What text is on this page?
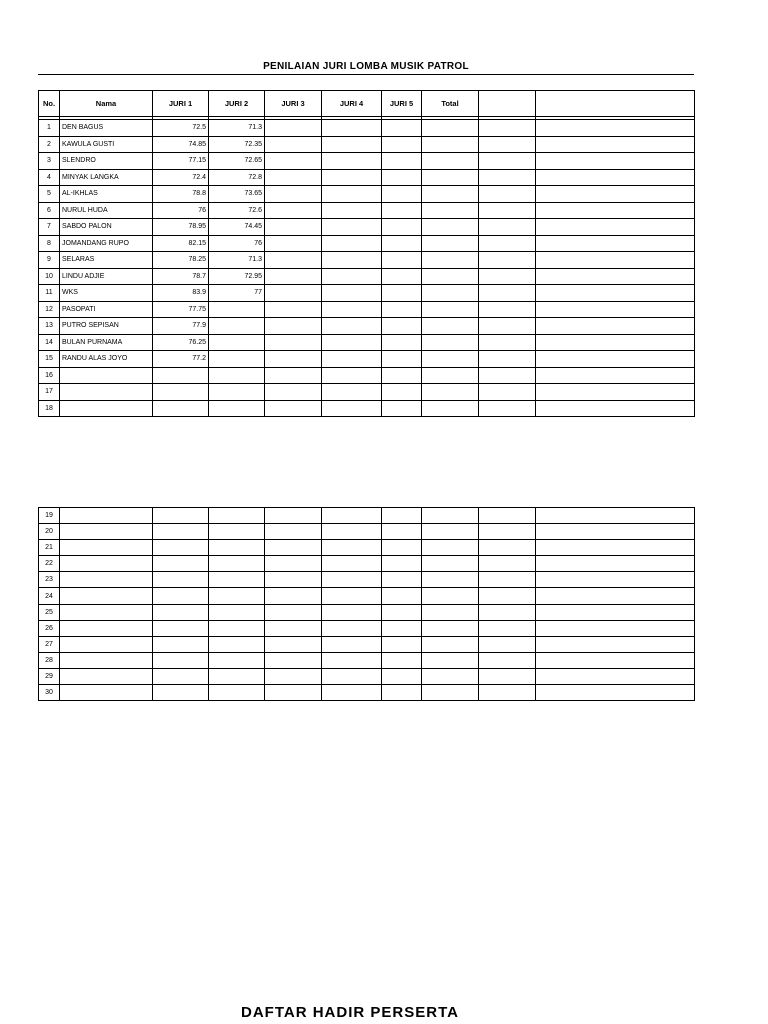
PENILAIAN JURI LOMBA MUSIK PATROL
No.	Nama	JURI 1	JURI 2	JURI 3	JURI 4	JURI 5	Total		

1	DEN BAGUS	72.5	71.3						
2	KAWULA GUSTI	74.85	72.35						
3	SLENDRO	77.15	72.65						
4	MINYAK LANGKA	72.4	72.8						
5	AL-IKHLAS	78.8	73.65						
6	NURUL HUDA	76	72.6						
7	SABDO PALON	78.95	74.45						
8	JOMANDANG RUPO	82.15	76						
9	SELARAS	78.25	71.3						
10	LINDU ADJIE	78.7	72.95						
11	WKS	83.9	77						
12	PASOPATI	77.75							
13	PUTRO SEPISAN	77.9							
14	BULAN PURNAMA	76.25							
15	RANDU ALAS JOYO	77.2							
16									
17									
18									
19									
20									
21									
22									
23									
24									
25									
26									
27									
28									
29									
30									
DAFTAR HADIR PERSERTA
